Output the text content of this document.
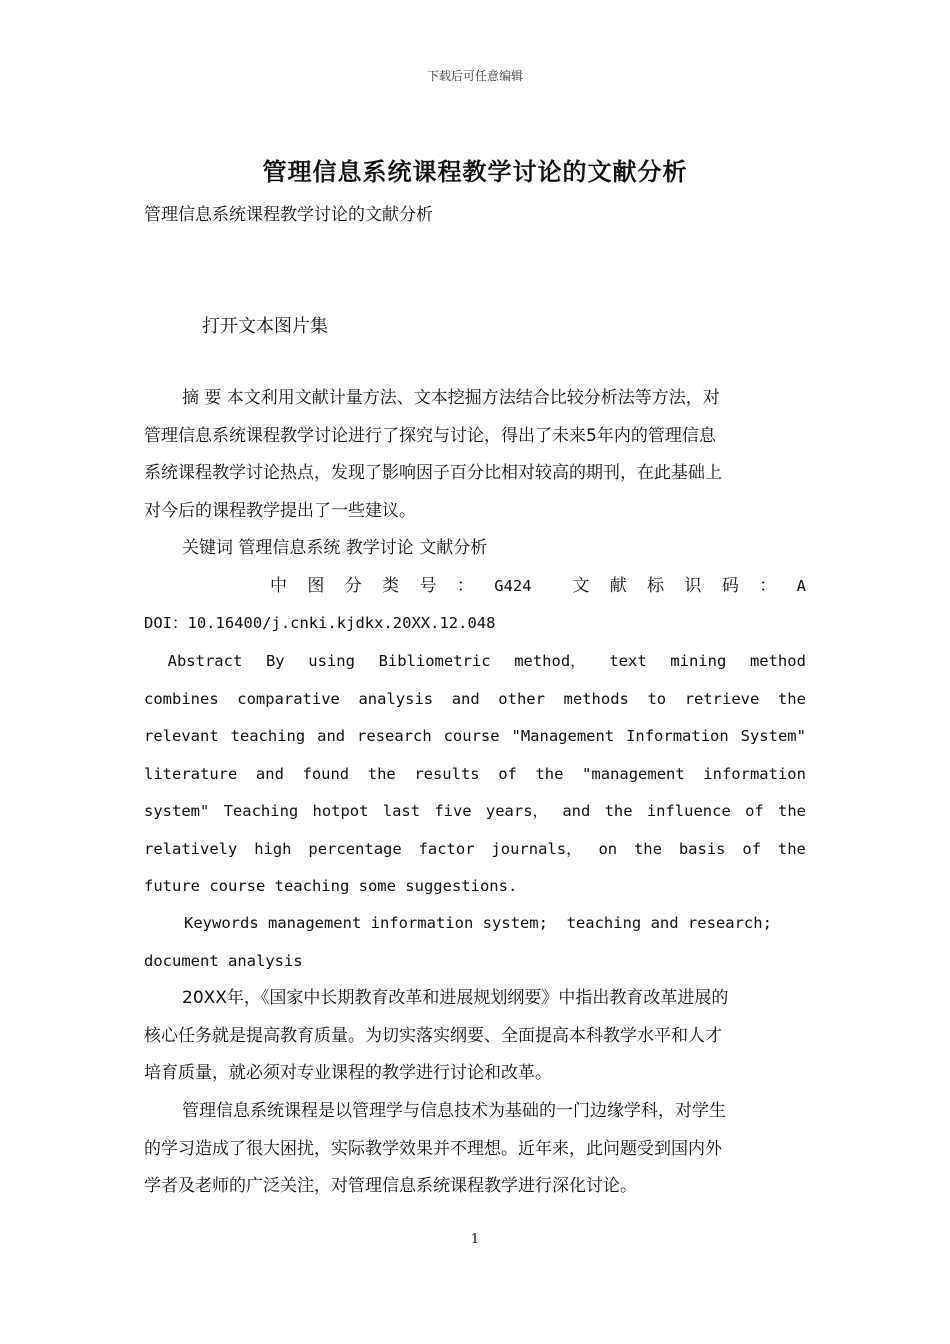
下载后可任意编辑
管理信息系统课程教学讨论的文献分析
管理信息系统课程教学讨论的文献分析
打开文本图片集
摘 要 本文利用文献计量方法、文本挖掘方法结合比较分析法等方法，对
管理信息系统课程教学讨论进行了探究与讨论，得出了未来5年内的管理信息
系统课程教学讨论热点，发现了影响因子百分比相对较高的期刊，在此基础上
对今后的课程教学提出了一些建议。
关键词 管理信息系统 教学讨论 文献分析
中 图 分 类 号 ： G424 文 献 标 识 码 ： A
DOI：10.16400/j.cnki.kjdkx.20XX.12.048
Abstract By using Bibliometric method， text mining method
combines comparative analysis and other methods to retrieve the
relevant teaching and research course "Management Information System"
literature and found the results of the "management information
system" Teaching hotpot last five years， and the influence of the
relatively high percentage factor journals， on the basis of the
future course teaching some suggestions.
Keywords management information system;  teaching and research;
document analysis
20XX年，《国家中长期教育改革和进展规划纲要》中指出教育改革进展的
核心任务就是提高教育质量。为切实落实纲要、全面提高本科教学水平和人才
培育质量，就必须对专业课程的教学进行讨论和改革。
管理信息系统课程是以管理学与信息技术为基础的一门边缘学科，对学生
的学习造成了很大困扰，实际教学效果并不理想。近年来，此问题受到国内外
学者及老师的广泛关注，对管理信息系统课程教学进行深化讨论。
1
